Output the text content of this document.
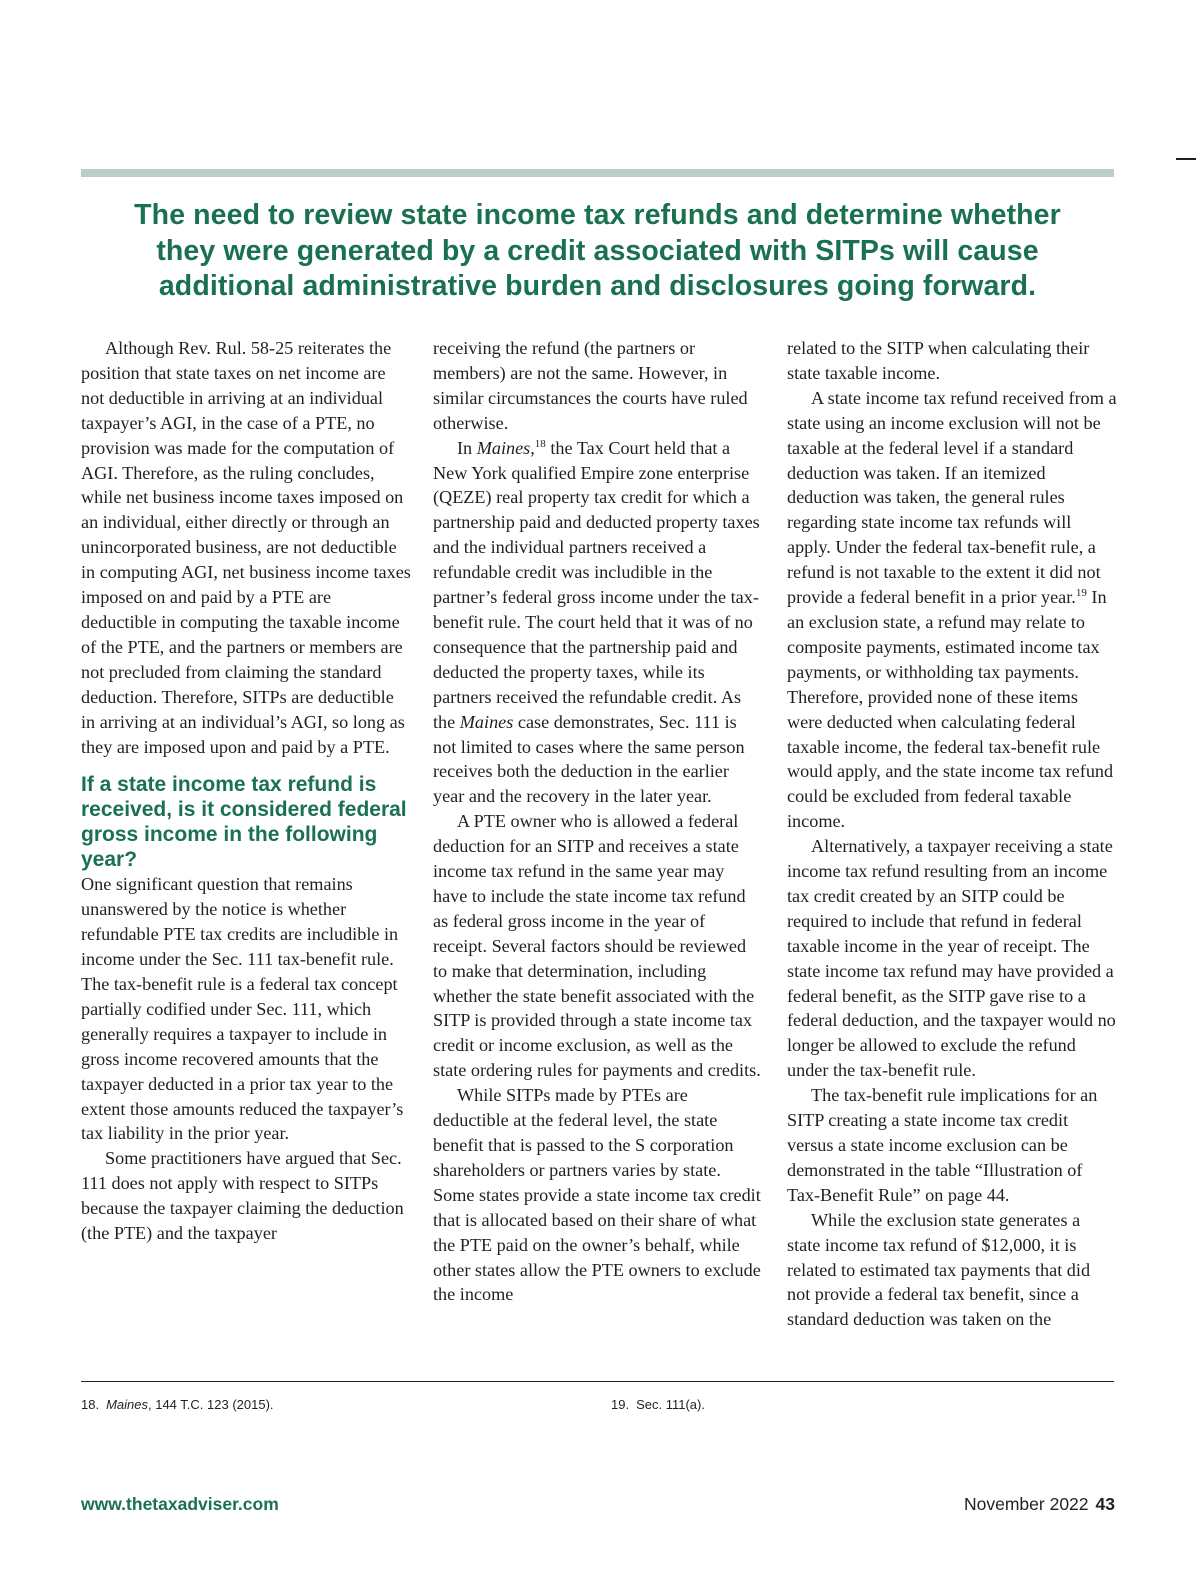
The need to review state income tax refunds and determine whether
they were generated by a credit associated with SITPs will cause
additional administrative burden and disclosures going forward.

Although Rev. Rul. 58-25 reiterates the position that state taxes on net income are not deductible in arriving at an individual taxpayer’s AGI, in the case of a PTE, no provision was made for the computation of AGI. Therefore, as the ruling concludes, while net business income taxes imposed on an individual, either directly or through an unincorporated business, are not deductible in computing AGI, net business income taxes imposed on and paid by a PTE are deductible in computing the taxable income of the PTE, and the partners or members are not precluded from claiming the standard deduction. Therefore, SITPs are deductible in arriving at an individual’s AGI, so long as they are imposed upon and paid by a PTE.

If a state income tax refund is received, is it considered federal gross income in the following year?

One significant question that remains unanswered by the notice is whether refundable PTE tax credits are includible in income under the Sec. 111 tax-benefit rule. The tax-benefit rule is a federal tax concept partially codified under Sec. 111, which generally requires a taxpayer to include in gross income recovered amounts that the taxpayer deducted in a prior tax year to the extent those amounts reduced the taxpayer’s tax liability in the prior year.

Some practitioners have argued that Sec. 111 does not apply with respect to SITPs because the taxpayer claiming the deduction (the PTE) and the taxpayer

receiving the refund (the partners or members) are not the same. However, in similar circumstances the courts have ruled otherwise.

In Maines,$^{18}$ the Tax Court held that a New York qualified Empire zone enterprise (QEZE) real property tax credit for which a partnership paid and deducted property taxes and the individual partners received a refundable credit was includible in the partner’s federal gross income under the tax-benefit rule. The court held that it was of no consequence that the partnership paid and deducted the property taxes, while its partners received the refundable credit. As the Maines case demonstrates, Sec. 111 is not limited to cases where the same person receives both the deduction in the earlier year and the recovery in the later year.

A PTE owner who is allowed a federal deduction for an SITP and receives a state income tax refund in the same year may have to include the state income tax refund as federal gross income in the year of receipt. Several factors should be reviewed to make that determination, including whether the state benefit associated with the SITP is provided through a state income tax credit or income exclusion, as well as the state ordering rules for payments and credits.

While SITPs made by PTEs are deductible at the federal level, the state benefit that is passed to the S corporation shareholders or partners varies by state. Some states provide a state income tax credit that is allocated based on their share of what the PTE paid on the owner’s behalf, while other states allow the PTE owners to exclude the income

related to the SITP when calculating their state taxable income.

A state income tax refund received from a state using an income exclusion will not be taxable at the federal level if a standard deduction was taken. If an itemized deduction was taken, the general rules regarding state income tax refunds will apply. Under the federal tax-benefit rule, a refund is not taxable to the extent it did not provide a federal benefit in a prior year.$^{19}$ In an exclusion state, a refund may relate to composite payments, estimated income tax payments, or withholding tax payments. Therefore, provided none of these items were deducted when calculating federal taxable income, the federal tax-benefit rule would apply, and the state income tax refund could be excluded from federal taxable income.

Alternatively, a taxpayer receiving a state income tax refund resulting from an income tax credit created by an SITP could be required to include that refund in federal taxable income in the year of receipt. The state income tax refund may have provided a federal benefit, as the SITP gave rise to a federal deduction, and the taxpayer would no longer be allowed to exclude the refund under the tax-benefit rule.

The tax-benefit rule implications for an SITP creating a state income tax credit versus a state income exclusion can be demonstrated in the table “Illustration of Tax-Benefit Rule” on page 44.

While the exclusion state generates a state income tax refund of $12,000, it is related to estimated tax payments that did not provide a federal tax benefit, since a standard deduction was taken on the

18. Maines, 144 T.C. 123 (2015).	19. Sec. 111(a).
www.thetaxadviser.com	November 2022 43
